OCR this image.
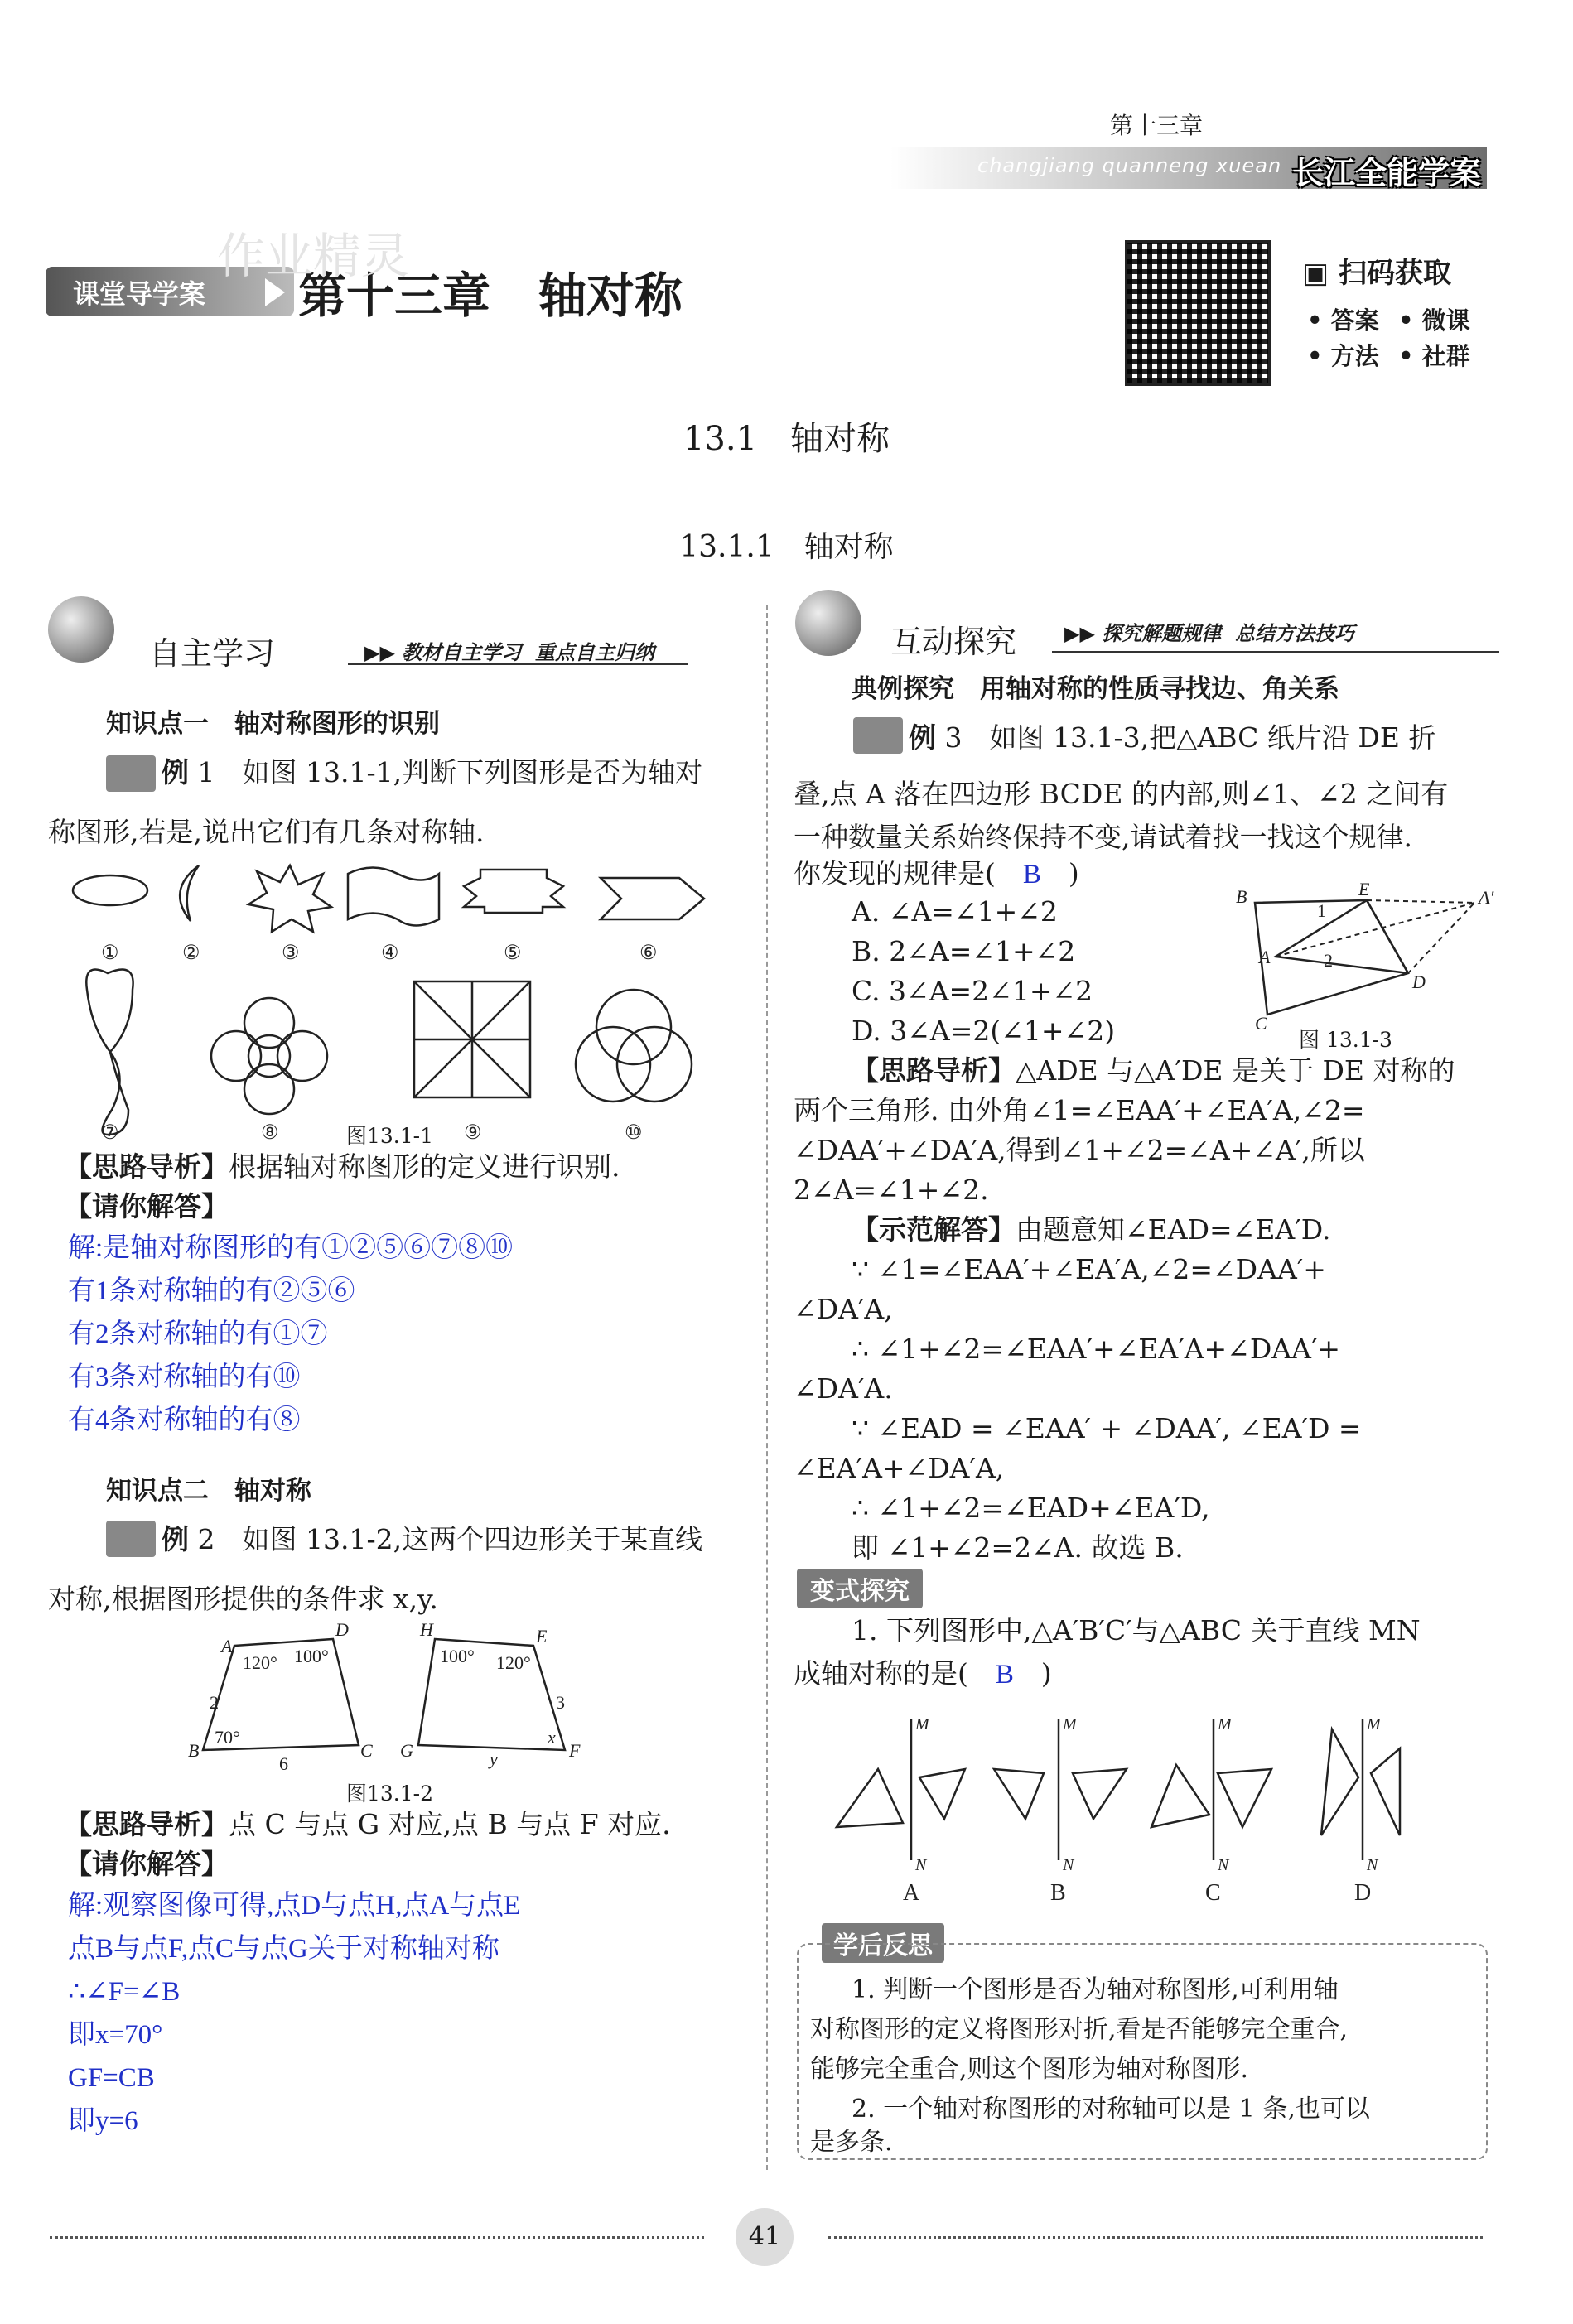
第十三章
changjiang quanneng xuean 长江全能学案
课堂导学案 第十三章　轴对称
作业精灵	▣ 扫码获取
• 答案 • 微课
• 方法 • 社群
13.1　轴对称
13.1.1　轴对称
自主学习	▶▶ 教材自主学习  重点自主归纳
知识点一　轴对称图形的识别
例 1　 如图 13.1-1,判断下列图形是否为轴对
称图形,若是,说出它们有几条对称轴.
①	②	③	④	⑤	⑥
⑦	⑧	⑨	⑩
图13.1-1
【思路导析】根据轴对称图形的定义进行识别.
【请你解答】
解:是轴对称图形的有①②⑤⑥⑦⑧⑩
有1条对称轴的有②⑤⑥
有2条对称轴的有①⑦
有3条对称轴的有⑩
有4条对称轴的有⑧
知识点二　轴对称
例 2　 如图 13.1-2,这两个四边形关于某直线
对称,根据图形提供的条件求 x,y.
A
D
B	C
2
6
120° 100°
70°
H	E
G	F
100° 120°
3
y
x
图13.1-2
【思路导析】点 C 与点 G 对应,点 B 与点 F 对应.
【请你解答】
解:观察图像可得,点D与点H,点A与点E
点B与点F,点C与点G关于对称轴对称
∴∠F=∠B
即x=70°
GF=CB
即y=6
互动探究 ▶▶ 探究解题规律  总结方法技巧
典例探究　用轴对称的性质寻找边、角关系
例 3　 如图 13.1-3,把△ABC 纸片沿 DE 折
叠,点 A 落在四边形 BCDE 的内部,则∠1、∠2 之间有
一种数量关系始终保持不变,请试着找一找这个规律.
你发现的规律是(　 B　 )
A. ∠A=∠1+∠2
B. 2∠A=∠1+∠2
C. 3∠A=2∠1+∠2
D. 3∠A=2(∠1+∠2)
B	E	A′
1
A	2
D
C
图 13.1-3
【思路导析】△ADE 与△A′DE 是关于 DE 对称的
两个三角形. 由外角∠1=∠EAA′+∠EA′A,∠2=
∠DAA′+∠DA′A,得到∠1+∠2=∠A+∠A′,所以
2∠A=∠1+∠2.
【示范解答】由题意知∠EAD=∠EA′D.
∵ ∠1=∠EAA′+∠EA′A,∠2=∠DAA′+
∠DA′A,
∴ ∠1+∠2=∠EAA′+∠EA′A+∠DAA′+
∠DA′A.
∵ ∠EAD = ∠EAA′ + ∠DAA′, ∠EA′D =
∠EA′A+∠DA′A,
∴ ∠1+∠2=∠EAD+∠EA′D,
即 ∠1+∠2=2∠A. 故选 B.
变式探究
1. 下列图形中,△A′B′C′与△ABC 关于直线 MN
成轴对称的是(　 B　 )
M
N
M
N
M
N
M
N
A	B	C	D
学后反思
1. 判断一个图形是否为轴对称图形,可利用轴
对称图形的定义将图形对折,看是否能够完全重合,
能够完全重合,则这个图形为轴对称图形.
2. 一个轴对称图形的对称轴可以是 1 条,也可以
是多条.
41
